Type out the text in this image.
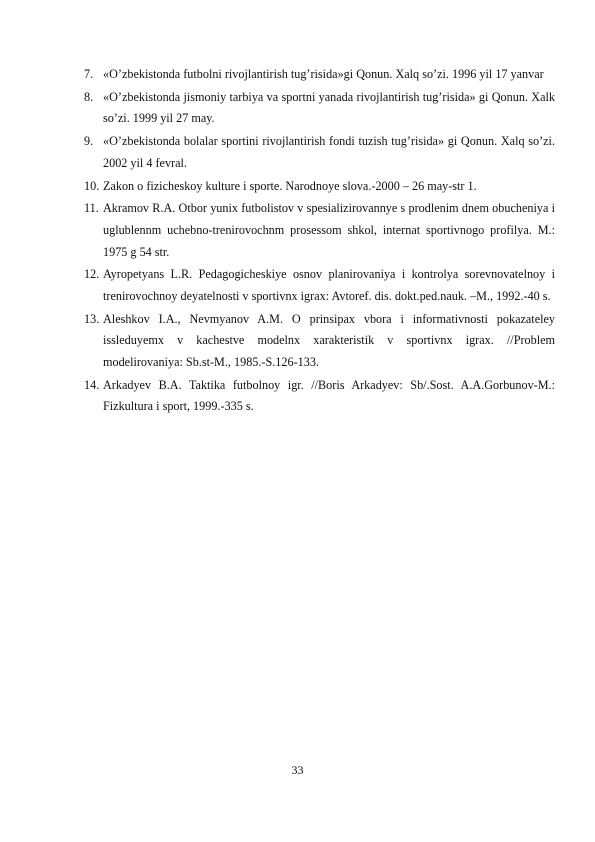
7. «O’zbekistonda futbolni rivojlantirish tug’risida»gi Qonun. Xalq so’zi. 1996 yil 17 yanvar
8. «O’zbekistonda jismoniy tarbiya va sportni yanada rivojlantirish tug’risida» gi Qonun. Xalk so’zi. 1999 yil 27 may.
9. «O’zbekistonda bolalar sportini rivojlantirish fondi tuzish tug’risida» gi Qonun. Xalq so’zi. 2002 yil 4 fevral.
10. Zakon o fizicheskoy kulture i sporte. Narodnoye slova.-2000 – 26 may-str 1.
11. Akramov R.A. Otbor yunix futbolistov v spesializirovannye s prodlenim dnem obucheniya i uglublennm uchebno-trenirovochnm prosessom shkol, internat sportivnogo profilya. M.: 1975 g 54 str.
12. Ayropetyans L.R. Pedagogicheskiye osnov planirovaniya i kontrolya sorevnovatelnoy i trenirovochnoy deyatelnosti v sportivnx igrax: Avtoref. dis. dokt.ped.nauk. –M., 1992.-40 s.
13. Aleshkov I.A., Nevmyanov A.M. O prinsipax vbora i informativnosti pokazateley issleduyemx v kachestve modelnx xarakteristik v sportivnx igrax. //Problem modelirovaniya: Sb.st-M., 1985.-S.126-133.
14. Arkadyev B.A. Taktika futbolnoy igr. //Boris Arkadyev: Sb/.Sost. A.A.Gorbunov-M.: Fizkultura i sport, 1999.-335 s.
33
